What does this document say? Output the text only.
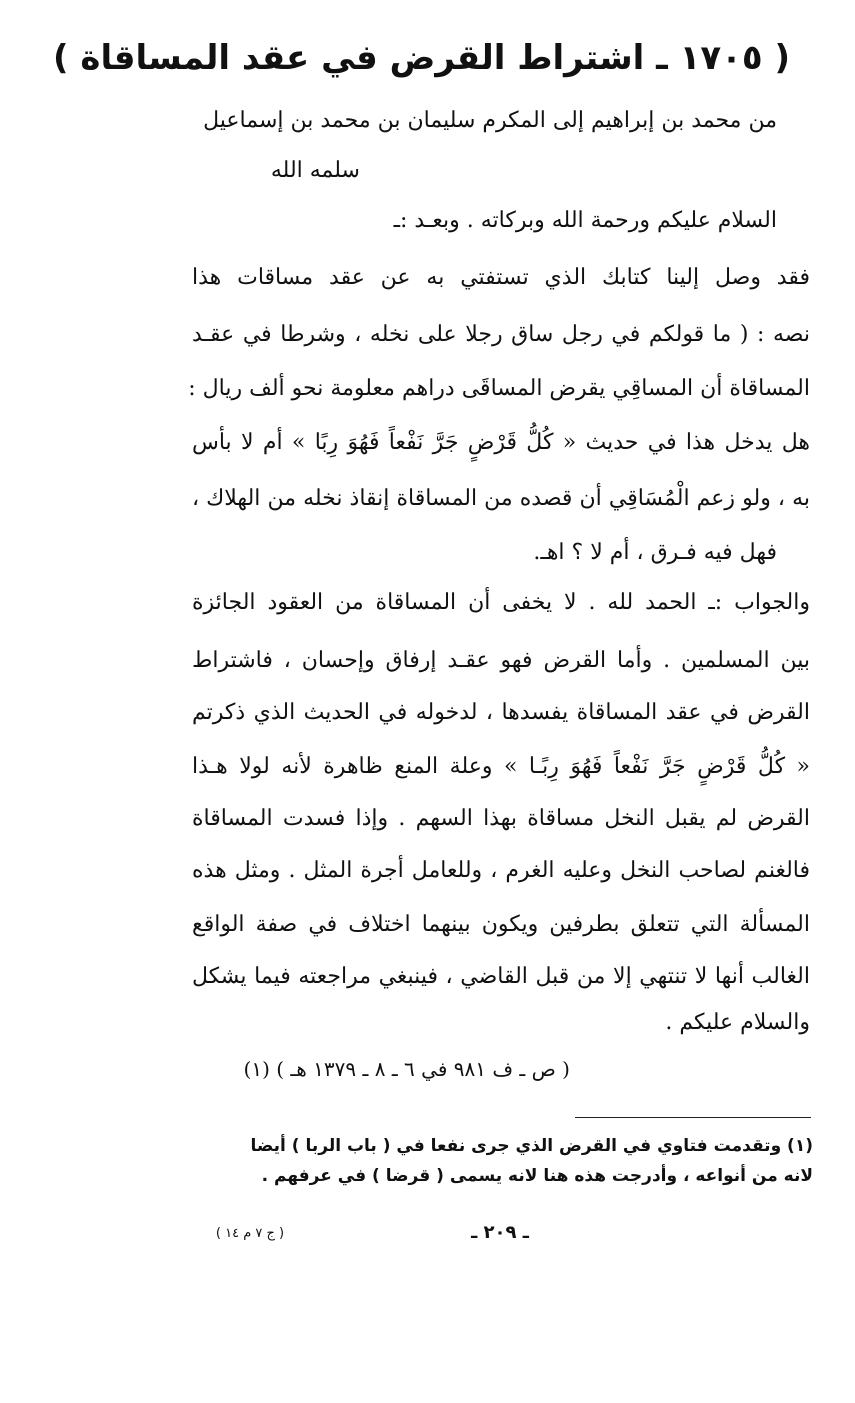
( ١٧٠٥ ـ اشتراط القرض في عقد المساقاة )
من محمد بن إبراهيم إلى المكرم سليمان بن محمد بن إسماعيل
سلمه الله
السلام عليكم ورحمة الله وبركاته . وبعـد :ـ
فقد وصل إلينا كتابك الذي تستفتي به عن عقد مساقات هذا
نصه : ( ما قولكم في رجل ساق رجلا على نخله ، وشرطا في عقـد
المساقاة أن المساقِي يقرض المساقَى دراهم معلومة نحو ألف ريال :
هل يدخل هذا في حديث « كُلُّ قَرْضٍ جَرَّ نَفْعاً فَهُوَ رِبًا » أم لا بأس
به ، ولو زعم الْمُسَاقِي أن قصده من المساقاة إنقاذ نخله من الهلاك ،
فهل فيه فـرق ، أم لا ؟ اهـ.
والجواب :ـ الحمد لله . لا يخفى أن المساقاة من العقود الجائزة
بين المسلمين . وأما القرض فهو عقـد إرفاق وإحسان ، فاشتراط
القرض في عقد المساقاة يفسدها ، لدخوله في الحديث الذي ذكرتم
« كُلُّ قَرْضٍ جَرَّ نَفْعاً فَهُوَ رِبًـا » وعلة المنع ظاهرة لأنه لولا هـذا
القرض لم يقبل النخل مساقاة بهذا السهم . وإذا فسدت المساقاة
فالغنم لصاحب النخل وعليه الغرم ، وللعامل أجرة المثل . ومثل هذه
المسألة التي تتعلق بطرفين ويكون بينهما اختلاف في صفة الواقع
الغالب أنها لا تنتهي إلا من قبل القاضي ، فينبغي مراجعته فيما يشكل
والسلام عليكم .
( ص ـ ف ٩٨١ في ٦ ـ ٨ ـ ١٣٧٩ هـ ) (١)
(١) وتقدمت فتاوي في القرض الذي جرى نفعا في ( باب الربا ) أيضا
لانه من أنواعه ، وأدرجت هذه هنا لانه يسمى ( قرضا ) في عرفهم .
ـ ٢٠٩ ـ
( ج ٧ م ١٤ )
